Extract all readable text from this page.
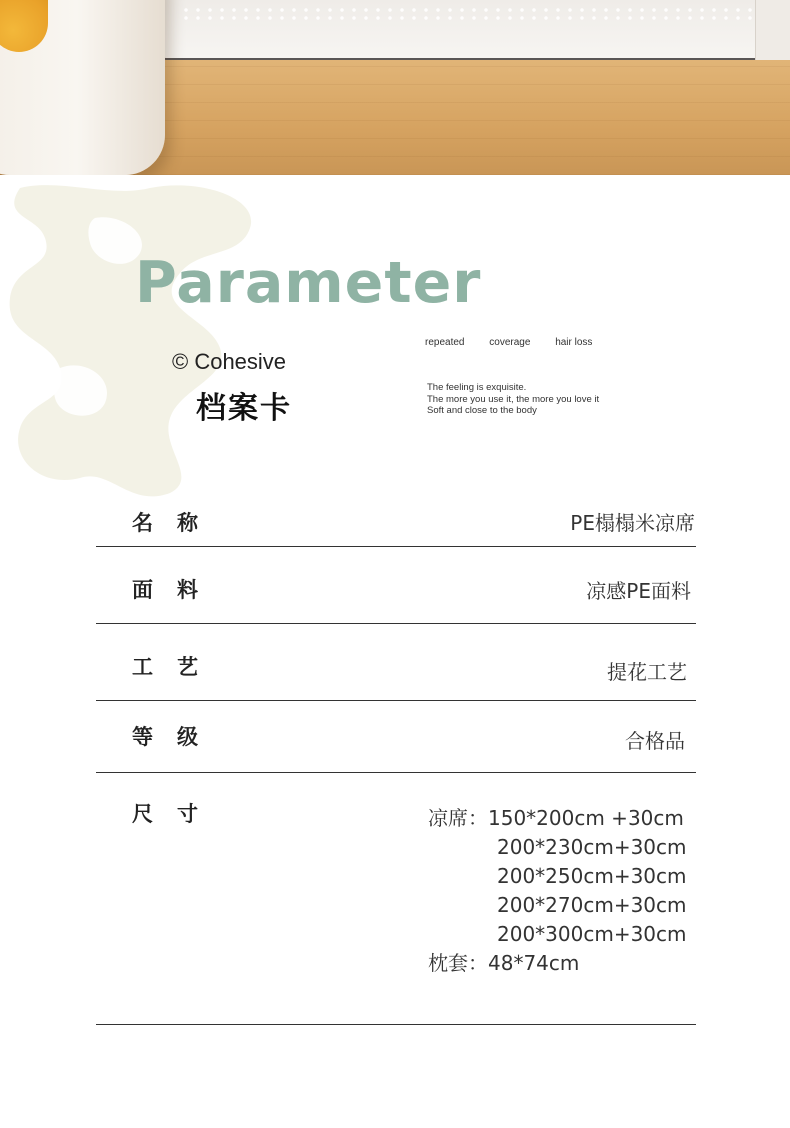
Parameter
© Cohesive
档案卡
repeated coverage hair loss
The feeling is exquisite.
The more you use it, the more you love it
Soft and close to the body
名 称	PE榻榻米凉席
面 料	凉感PE面料
工 艺	提花工艺
等 级	合格品
尺 寸	凉席：150*200cm +30cm
200*230cm+30cm
200*250cm+30cm
200*270cm+30cm
200*300cm+30cm
枕套：48*74cm
